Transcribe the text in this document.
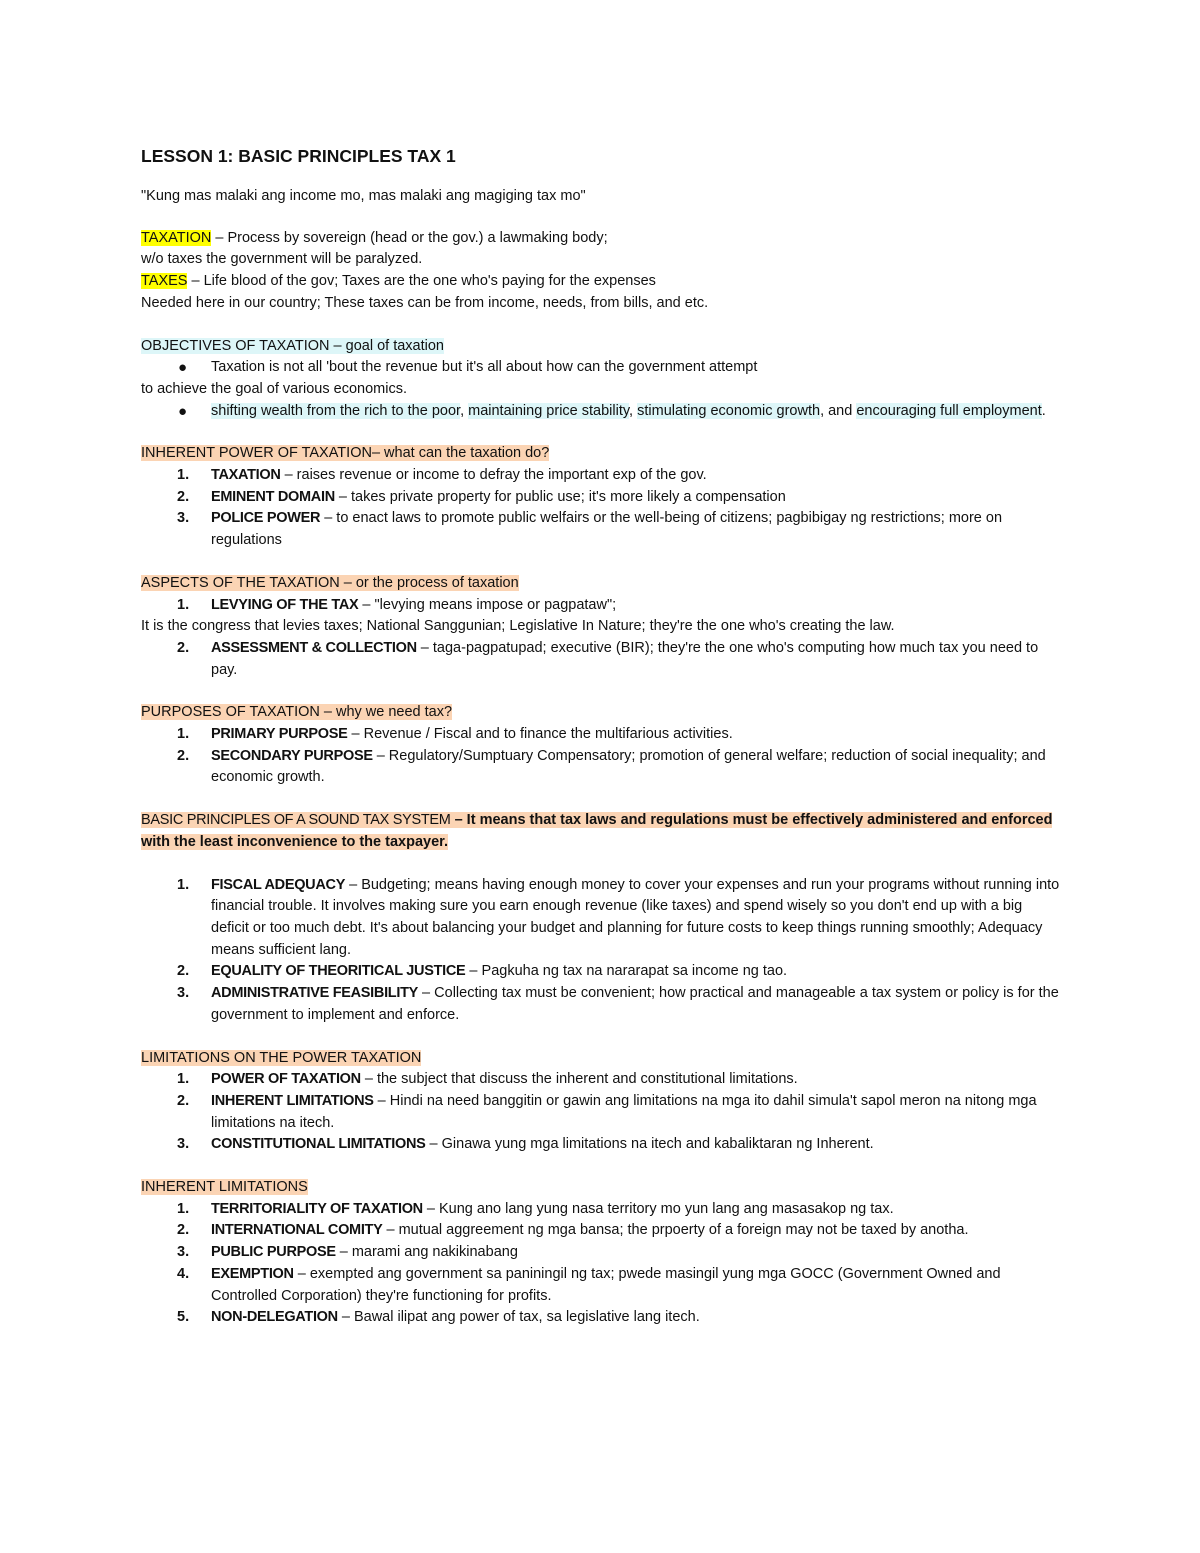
LESSON 1: BASIC PRINCIPLES TAX 1

"Kung mas malaki ang income mo, mas malaki ang magiging tax mo"

TAXATION – Process by sovereign (head or the gov.) a lawmaking body;

w/o taxes the government will be paralyzed.

TAXES – Life blood of the gov; Taxes are the one who's paying for the expenses

Needed here in our country; These taxes can be from income, needs, from bills, and etc.

OBJECTIVES OF TAXATION – goal of taxation

● Taxation is not all 'bout the revenue but it's all about how can the government attempt

to achieve the goal of various economics.

● shifting wealth from the rich to the poor, maintaining price stability, stimulating economic growth, and encouraging full employment.

INHERENT POWER OF TAXATION– what can the taxation do?

1. TAXATION – raises revenue or income to defray the important exp of the gov.
2. EMINENT DOMAIN – takes private property for public use; it's more likely a compensation
3. POLICE POWER – to enact laws to promote public welfairs or the well-being of citizens; pagbibigay ng restrictions; more on regulations

ASPECTS OF THE TAXATION – or the process of taxation

1. LEVYING OF THE TAX – "levying means impose or pagpataw";

It is the congress that levies taxes; National Sanggunian; Legislative In Nature; they're the one who's creating the law.

2. ASSESSMENT & COLLECTION – taga-pagpatupad; executive (BIR); they're the one who's computing how much tax you need to pay.

PURPOSES OF TAXATION – why we need tax?

1. PRIMARY PURPOSE – Revenue / Fiscal and to finance the multifarious activities.
2. SECONDARY PURPOSE – Regulatory/Sumptuary Compensatory; promotion of general welfare; reduction of social inequality; and economic growth.

BASIC PRINCIPLES OF A SOUND TAX SYSTEM – It means that tax laws and regulations must be effectively administered and enforced with the least inconvenience to the taxpayer.

1. FISCAL ADEQUACY – Budgeting; means having enough money to cover your expenses and run your programs without running into financial trouble. It involves making sure you earn enough revenue (like taxes) and spend wisely so you don't end up with a big deficit or too much debt. It's about balancing your budget and planning for future costs to keep things running smoothly; Adequacy means sufficient lang.
2. EQUALITY OF THEORITICAL JUSTICE – Pagkuha ng tax na nararapat sa income ng tao.
3. ADMINISTRATIVE FEASIBILITY – Collecting tax must be convenient; how practical and manageable a tax system or policy is for the government to implement and enforce.

LIMITATIONS ON THE POWER TAXATION

1. POWER OF TAXATION – the subject that discuss the inherent and constitutional limitations.
2. INHERENT LIMITATIONS – Hindi na need banggitin or gawin ang limitations na mga ito dahil simula't sapol meron na nitong mga limitations na itech.
3. CONSTITUTIONAL LIMITATIONS – Ginawa yung mga limitations na itech and kabaliktaran ng Inherent.

INHERENT LIMITATIONS

1. TERRITORIALITY OF TAXATION – Kung ano lang yung nasa territory mo yun lang ang masasakop ng tax.
2. INTERNATIONAL COMITY – mutual aggreement ng mga bansa; the prpoerty of a foreign may not be taxed by anotha.
3. PUBLIC PURPOSE – marami ang nakikinabang
4. EXEMPTION – exempted ang government sa paniningil ng tax; pwede masingil yung mga GOCC (Government Owned and Controlled Corporation) they're functioning for profits.
5. NON-DELEGATION – Bawal ilipat ang power of tax, sa legislative lang itech.
